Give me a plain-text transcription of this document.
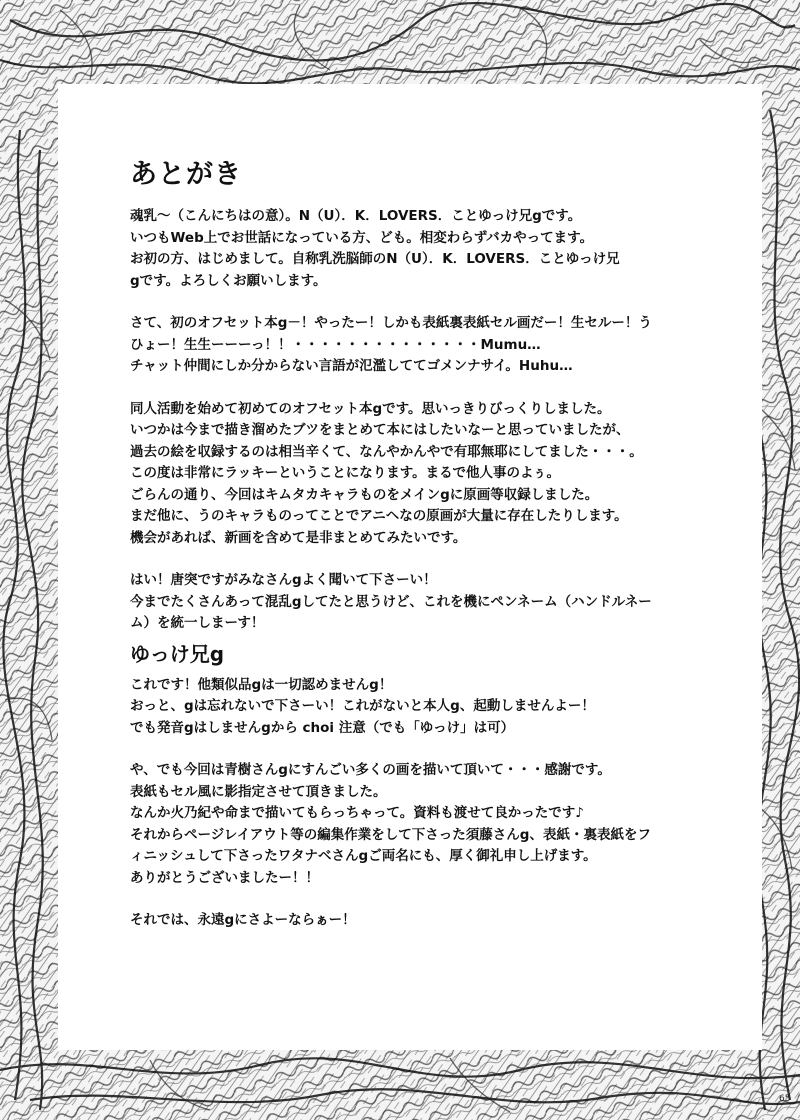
あとがき
魂乳～（こんにちはの意）。N（U）．K．LOVERS．ことゆっけ兄gです。
いつもWeb上でお世話になっている方、ども。相変わらずバカやってます。
お初の方、はじめまして。自称乳洗脳師のN（U）．K．LOVERS．ことゆっけ兄
gです。よろしくお願いします。
さて、初のオフセット本g－！やったー！しかも表紙裏表紙セル画だー！生セルー！う
ひょー！生生ーーーっ！！・・・・・・・・・・・・・・Mumu…
チャット仲間にしか分からない言語が氾濫しててゴメンナサイ。Huhu…
同人活動を始めて初めてのオフセット本gです。思いっきりびっくりしました。
いつかは今まで描き溜めたブツをまとめて本にはしたいなーと思っていましたが、
過去の絵を収録するのは相当辛くて、なんやかんやで有耶無耶にしてました・・・。
この度は非常にラッキーということになります。まるで他人事のよぅ。
ごらんの通り、今回はキムタカキャラものをメインgに原画等収録しました。
まだ他に、うのキャラものってことでアニヘなの原画が大量に存在したりします。
機会があれば、新画を含めて是非まとめてみたいです。
はい！唐突ですがみなさんgよく聞いて下さーい！
今までたくさんあって混乱gしてたと思うけど、これを機にペンネーム（ハンドルネー
ム）を統一しまーす！
ゆっけ兄g
これです！他類似品gは一切認めませんg！
おっと、gは忘れないで下さーい！これがないと本人g、起動しませんよー！
でも発音gはしませんgから choi 注意（でも「ゆっけ」は可）
や、でも今回は青樹さんgにすんごい多くの画を描いて頂いて・・・感謝です。
表紙もセル風に影指定させて頂きました。
なんか火乃紀や命まで描いてもらっちゃって。資料も渡せて良かったです♪
それからページレイアウト等の編集作業をして下さった須藤さんg、表紙・裏表紙をフ
ィニッシュして下さったワタナベさんgご両名にも、厚く御礼申し上げます。
ありがとうございましたー！！
それでは、永遠gにさよーならぁー！
65
